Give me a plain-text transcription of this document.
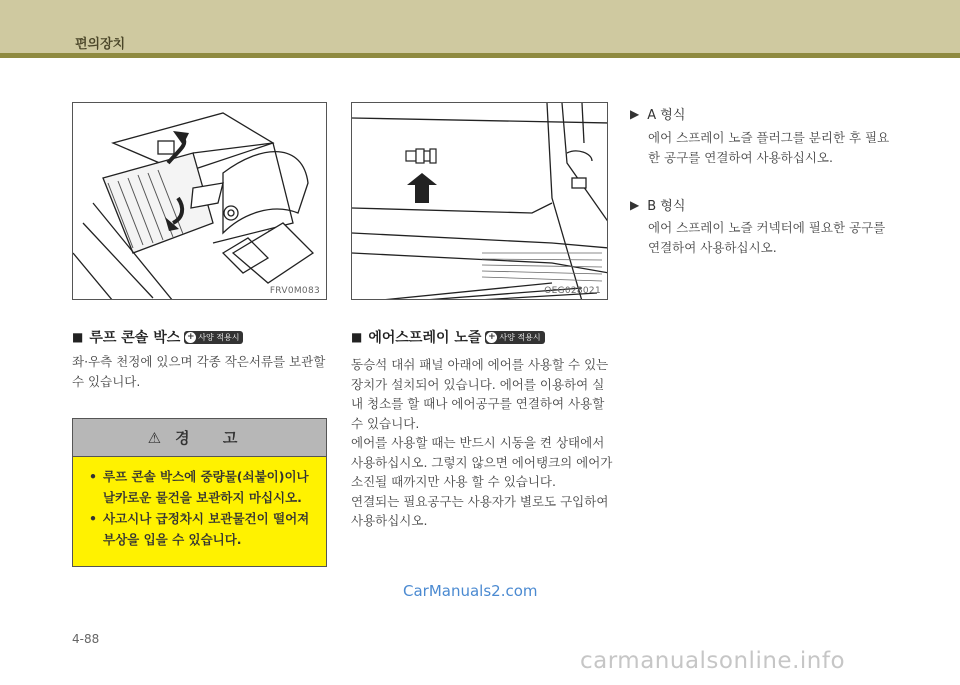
편의장치
FRV0M083	OEG028021
■ 루프 콘솔 박스 + 사양 적용시
좌·우측 천정에 있으며 각종 작은서류를 보관할
수 있습니다.
⚠ 경 고
• 루프 콘솔 박스에 중량물(쇠붙이)이나
날카로운 물건을 보관하지 마십시오.
• 사고시나 급정차시 보관물건이 떨어져
부상을 입을 수 있습니다.
■ 에어스프레이 노즐 + 사양 적용시
동승석 대쉬 패널 아래에 에어를 사용할 수 있는
장치가 설치되어 있습니다. 에어를 이용하여 실
내 청소를 할 때나 에어공구를 연결하여 사용할
수 있습니다.
에어를 사용할 때는 반드시 시동을 켠 상태에서
사용하십시오. 그렇지 않으면 에어탱크의 에어가
소진될 때까지만 사용 할 수 있습니다.
연결되는 필요공구는 사용자가 별로도 구입하여
사용하십시오.
▶ A 형식
에어 스프레이 노즐 플러그를 분리한 후 필요
한 공구를 연결하여 사용하십시오.
▶ B 형식
에어 스프레이 노즐 커넥터에 필요한 공구를
연결하여 사용하십시오.
4-88
CarManuals2.com
carmanualsonline.info
